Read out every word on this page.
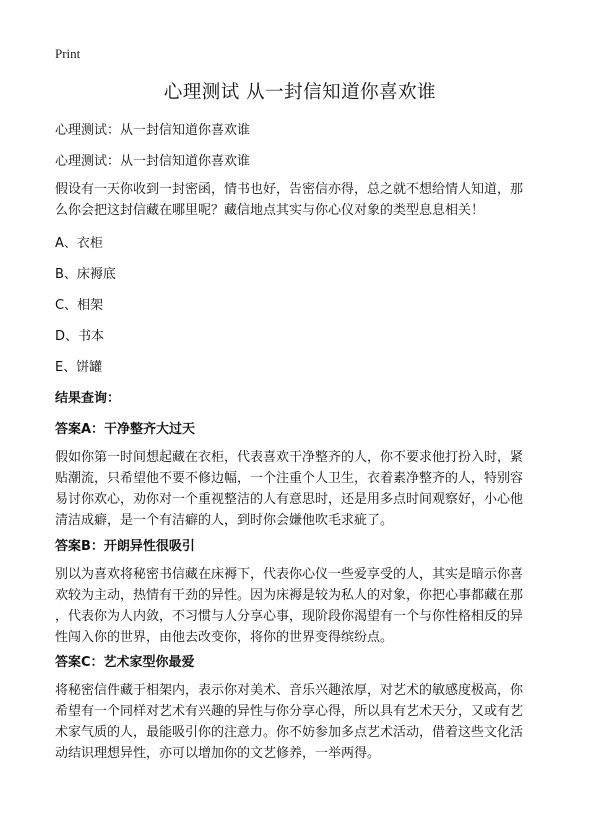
Print
心理测试 从一封信知道你喜欢谁

心理测试：从一封信知道你喜欢谁

心理测试：从一封信知道你喜欢谁

假设有一天你收到一封密函，情书也好，告密信亦得，总之就不想给情人知道，那
么你会把这封信藏在哪里呢？藏信地点其实与你心仪对象的类型息息相关！

A、衣柜

B、床褥底

C、相架

D、书本

E、饼罐

结果查询：

答案A：干净整齐大过天

假如你第一时间想起藏在衣柜，代表喜欢干净整齐的人，你不要求他打扮入时，紧
贴潮流，只希望他不要不修边幅，一个注重个人卫生，衣着素净整齐的人，特别容
易讨你欢心，劝你对一个重视整洁的人有意思时，还是用多点时间观察好，小心他
清洁成癖，是一个有洁癖的人，到时你会嫌他吹毛求疵了。

答案B：开朗异性很吸引

别以为喜欢将秘密书信藏在床褥下，代表你心仪一些爱享受的人，其实是暗示你喜
欢较为主动，热情有干劲的异性。因为床褥是较为私人的对象，你把心事都藏在那
，代表你为人内敛，不习惯与人分享心事，现阶段你渴望有一个与你性格相反的异
性闯入你的世界，由他去改变你，将你的世界变得缤纷点。

答案C：艺术家型你最爱

将秘密信件藏于相架内，表示你对美术、音乐兴趣浓厚，对艺术的敏感度极高，你
希望有一个同样对艺术有兴趣的异性与你分享心得，所以具有艺术天分，又或有艺
术家气质的人，最能吸引你的注意力。你不妨参加多点艺术活动，借着这些文化活
动结识理想异性，亦可以增加你的文艺修养，一举两得。
